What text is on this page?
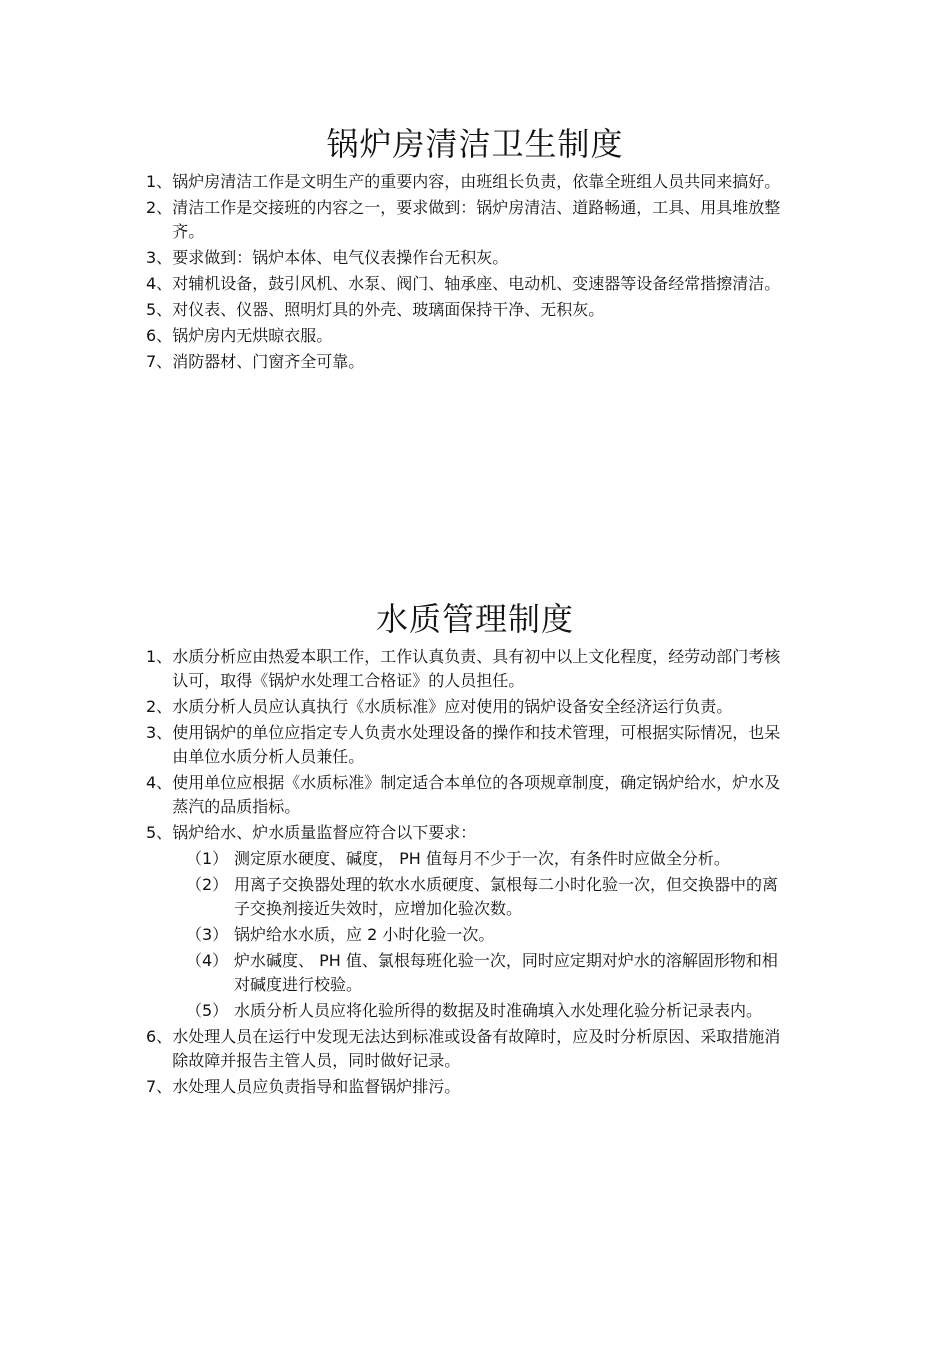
锅炉房清洁卫生制度
1、 锅炉房清洁工作是文明生产的重要内容，由班组长负责，依靠全班组人员共同来搞好。
2、 清洁工作是交接班的内容之一，要求做到：锅炉房清洁、道路畅通，工具、用具堆放整齐。
3、 要求做到：锅炉本体、电气仪表操作台无积灰。
4、 对辅机设备，鼓引风机、水泵、阀门、轴承座、电动机、变速器等设备经常揩擦清洁。
5、 对仪表、仪器、照明灯具的外壳、玻璃面保持干净、无积灰。
6、 锅炉房内无烘晾衣服。
7、 消防器材、门窗齐全可靠。
水质管理制度
1、 水质分析应由热爱本职工作，工作认真负责、具有初中以上文化程度，经劳动部门考核认可，取得《锅炉水处理工合格证》的人员担任。
2、 水质分析人员应认真执行《水质标准》应对使用的锅炉设备安全经济运行负责。
3、 使用锅炉的单位应指定专人负责水处理设备的操作和技术管理，可根据实际情况，也呆由单位水质分析人员兼任。
4、 使用单位应根据《水质标准》制定适合本单位的各项规章制度，确定锅炉给水，炉水及蒸汽的品质指标。
5、 锅炉给水、炉水质量监督应符合以下要求：
（1） 测定原水硬度、碱度， PH 值每月不少于一次，有条件时应做全分析。
（2） 用离子交换器处理的软水水质硬度、氯根每二小时化验一次，但交换器中的离子交换剂接近失效时，应增加化验次数。
（3） 锅炉给水水质，应 2 小时化验一次。
（4） 炉水碱度、 PH 值、氯根每班化验一次，同时应定期对炉水的溶解固形物和相对碱度进行校验。
（5） 水质分析人员应将化验所得的数据及时准确填入水处理化验分析记录表内。
6、 水处理人员在运行中发现无法达到标准或设备有故障时，应及时分析原因、采取措施消除故障并报告主管人员，同时做好记录。
7、 水处理人员应负责指导和监督锅炉排污。
